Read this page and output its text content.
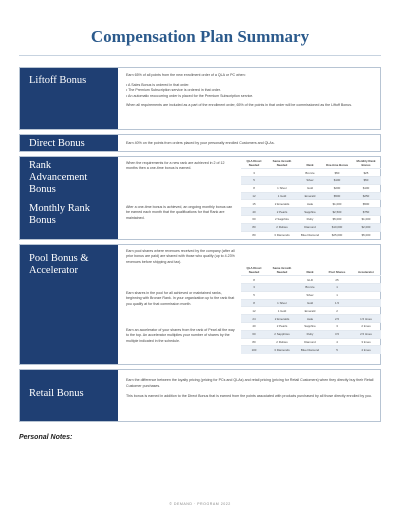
Compensation Plan Summary
Liftoff Bonus	Earn 65% of all points from the new enrollment order of a QLA or PC when:

• A Sales Bonus is ordered in that order.
• The Premium Subscription service is ordered in that order.

• An automatic reoccurring order is placed for the Premium Subscription service.

When all requirements are included as a part of the enrollment order, 65% of the points in that order will be commissioned as the Liftoff Bonus.

Direct Bonus	Earn 40% on the points from orders placed by your personally enrolled Customers and QLAs.

Rank Advancement Bonus
Monthly Rank Bonus
When the requirements for a new rank are achieved in 2 of 12 months then a one-time bonus is earned.
After a one-time bonus is achieved, an ongoing monthly bonus can be earned each month that the qualifications for that Rank are maintained.
QLA Direct Needed	Same Growth Needed	Rank	One-time Bonus	Monthly Rank Bonus
3		Bronze	$50	$25
5		Silver	$100	$50
8	1 Silver	Gold	$200	$100
12	1 Gold	Emerald	$500	$250
15	2 Emeralds	Jade	$1,000	$500
40	2 Pearls	Sapphire	$2,500	$750
60	2 Sapphire	Ruby	$5,000	$1,000
80	2 Rubies	Diamond	$10,000	$2,000
80	3 Diamonds	Blue Diamond	$25,000	$5,000
Pool Bonus & Accelerator
Earn pool shares where revenues received by the company (after all prior bonus are paid) are shared with those who qualify (up to 4.23% revenues before shipping and tax).
Earn shares in the pool for all achieved or maintained ranks, beginning with Bronze Rank. In your organization up to the rank that you qualify at for that commission month.
Earn an accelerator of your shares from the rank of Pearl all the way to the top. An accelerator multiplies your number of shares by the multiple indicated in the schedule.
QLA Direct Needed	Same Growth Needed	Rank	Pool Shares	Accelerator
8		GLD	25	
3		Bronze	1	
5		Silver	1	
8	1 Silver	Gold	1.5	
12	1 Gold	Emerald	2	
24	2 Emeralds	Jade	2.5	1.5 times
40	2 Pearls	Sapphire	3	2 times
60	2 Sapphires	Ruby	3.5	2.5 times
80	2 Rubies	Diamond	4	3 times
100	3 Diamonds	Blue Diamond	5	4 times
Retail Bonus

Earn the difference between the loyalty pricing (pricing for PCs and QLAs) and retail pricing (pricing for Retail Customers) when they directly buy their Retail Customer purchases.

This bonus is earned in addition to the Direct Bonus that is earned from the points associated with products purchased by all those directly enrolled by you.

Personal Notes:
© DEMAND · PROGRAM 2022
